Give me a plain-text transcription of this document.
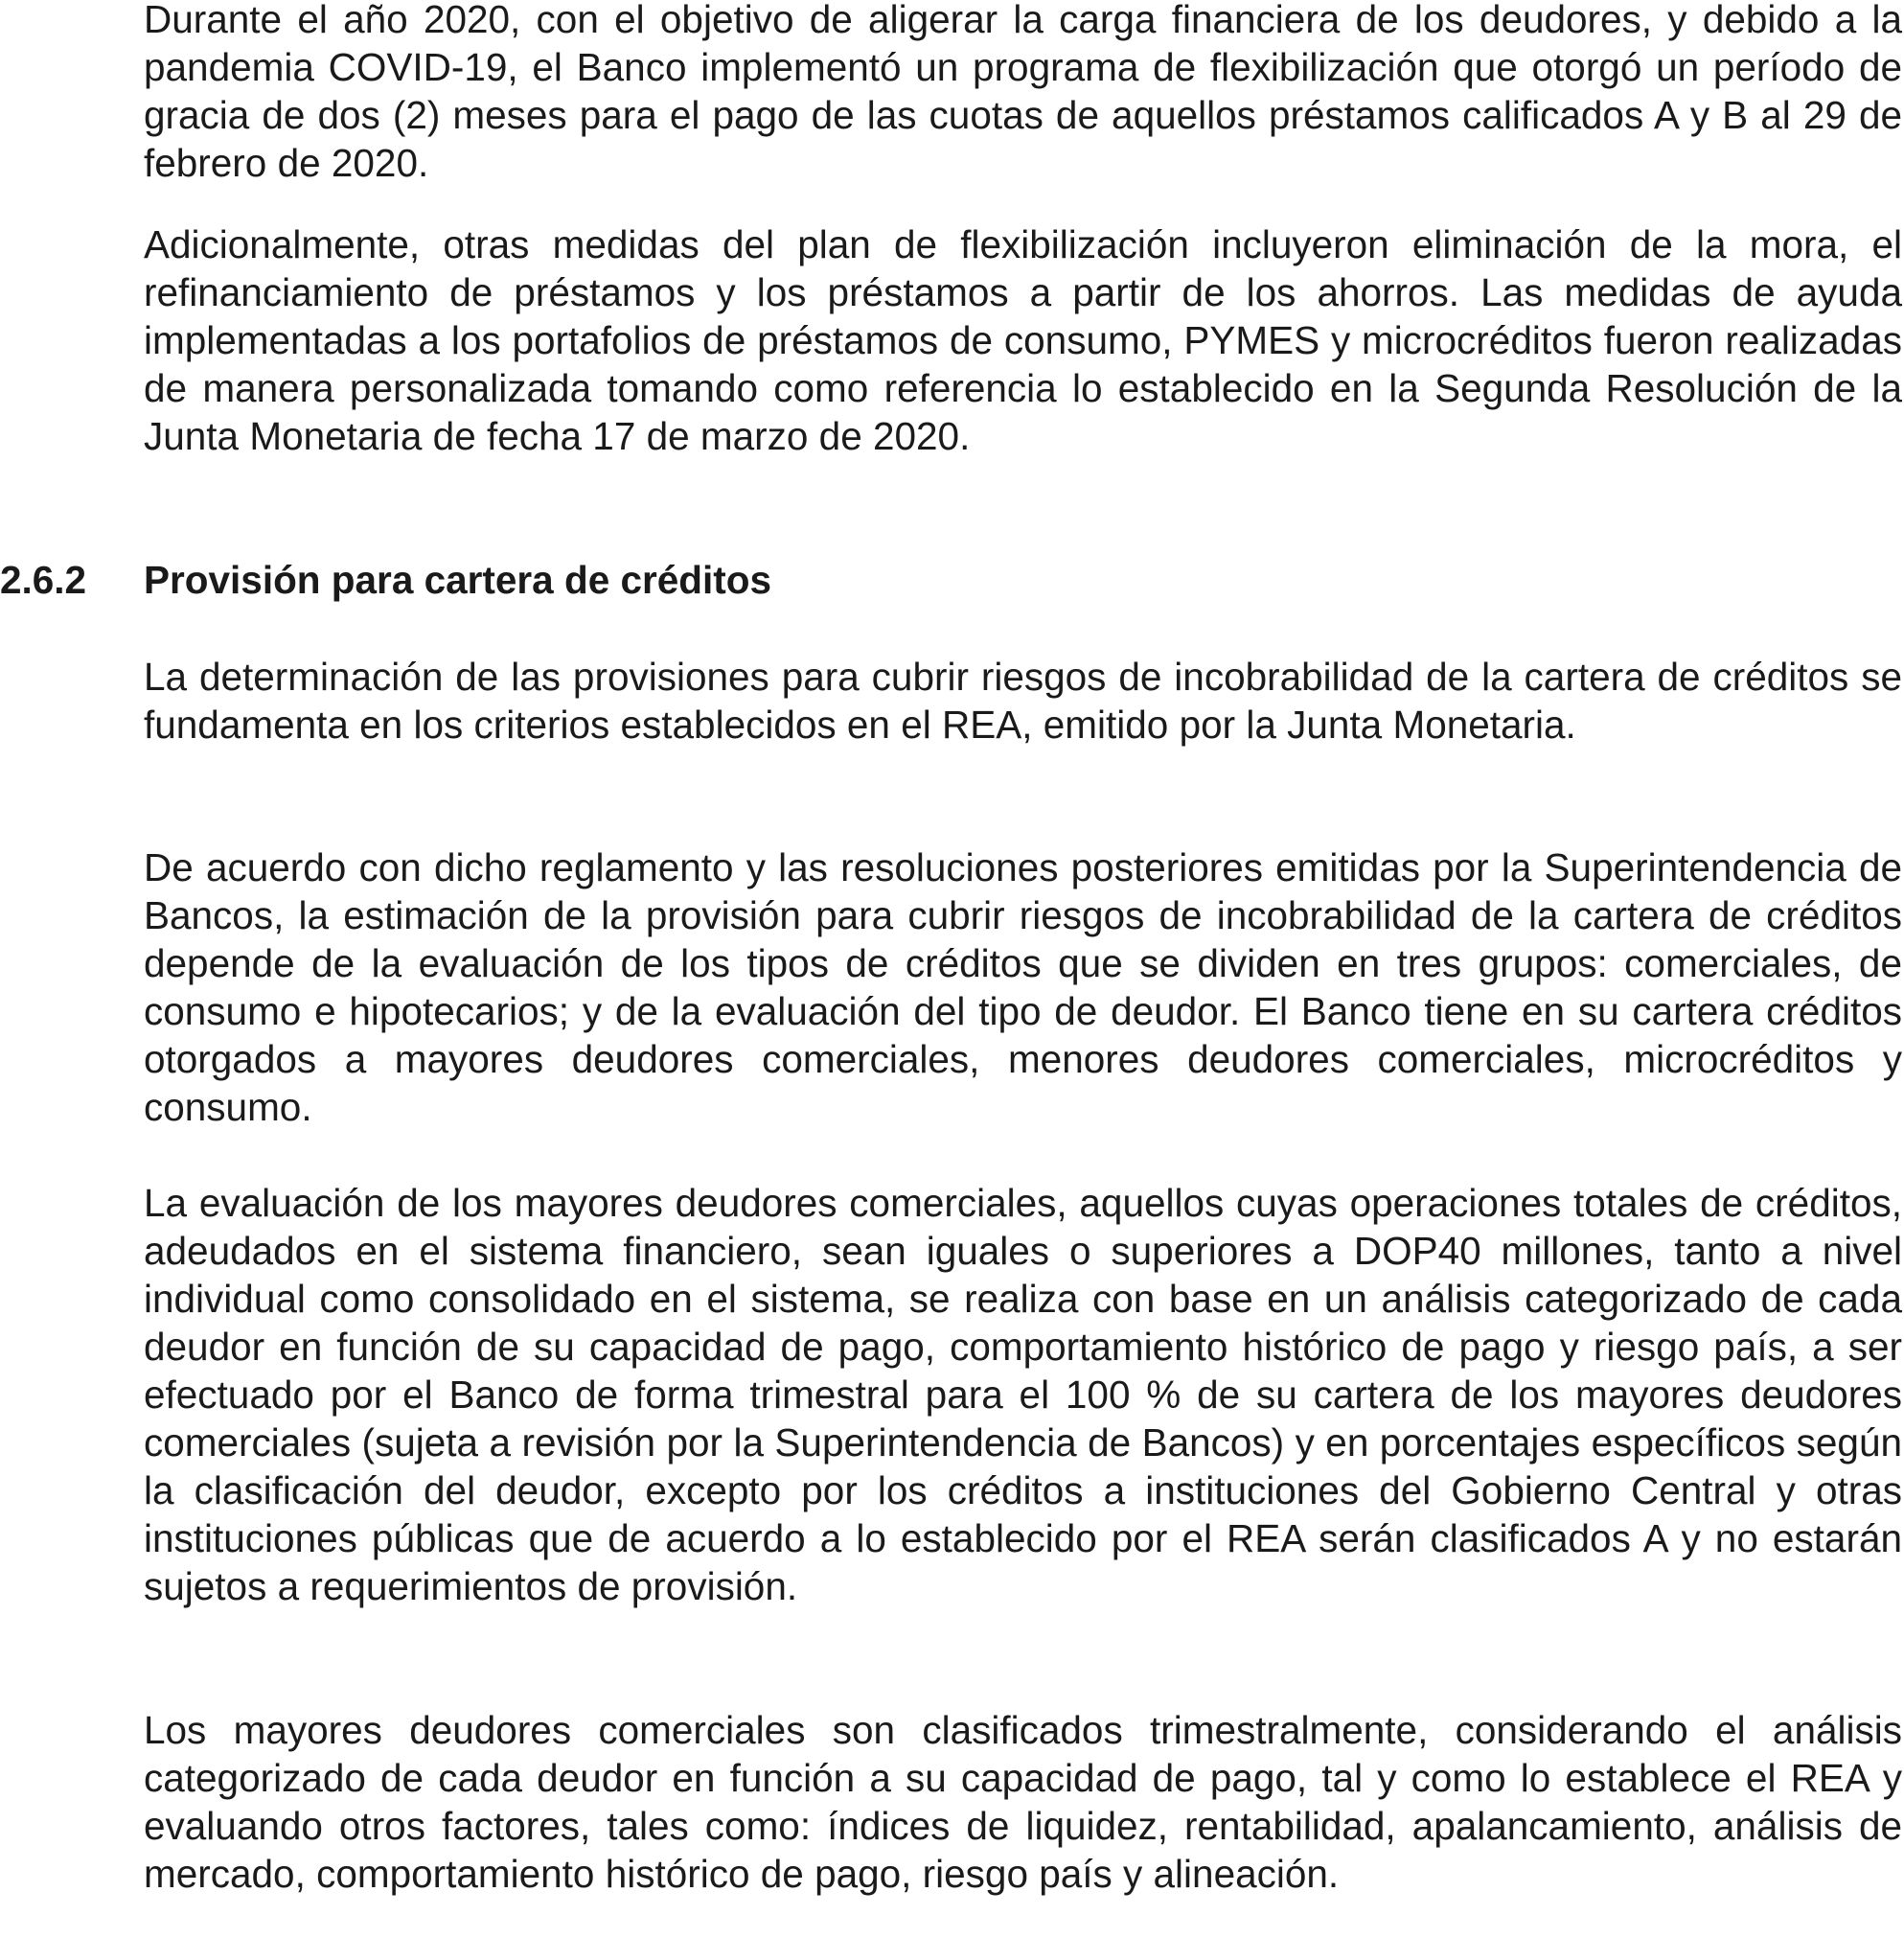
Durante el año 2020, con el objetivo de aligerar la carga financiera de los deudores, y debido a la pandemia COVID-19, el Banco implementó un programa de flexibilización que otorgó un período de gracia de dos (2) meses para el pago de las cuotas de aquellos préstamos calificados A y B al 29 de febrero de 2020.

Adicionalmente, otras medidas del plan de flexibilización incluyeron eliminación de la mora, el refinanciamiento de préstamos y los préstamos a partir de los ahorros. Las medidas de ayuda implementadas a los portafolios de préstamos de consumo, PYMES y microcréditos fueron realizadas de manera personalizada tomando como referencia lo establecido en la Segunda Resolución de la Junta Monetaria de fecha 17 de marzo de 2020.

2.6.2 Provisión para cartera de créditos

La determinación de las provisiones para cubrir riesgos de incobrabilidad de la cartera de créditos se fundamenta en los criterios establecidos en el REA, emitido por la Junta Monetaria.

De acuerdo con dicho reglamento y las resoluciones posteriores emitidas por la Superintendencia de Bancos, la estimación de la provisión para cubrir riesgos de incobrabilidad de la cartera de créditos depende de la evaluación de los tipos de créditos que se dividen en tres grupos: comerciales, de consumo e hipotecarios; y de la evaluación del tipo de deudor. El Banco tiene en su cartera créditos otorgados a mayores deudores comerciales, menores deudores comerciales, microcréditos y consumo.

La evaluación de los mayores deudores comerciales, aquellos cuyas operaciones totales de créditos, adeudados en el sistema financiero, sean iguales o superiores a DOP40 millones, tanto a nivel individual como consolidado en el sistema, se realiza con base en un análisis categorizado de cada deudor en función de su capacidad de pago, comportamiento histórico de pago y riesgo país, a ser efectuado por el Banco de forma trimestral para el 100 % de su cartera de los mayores deudores comerciales (sujeta a revisión por la Superintendencia de Bancos) y en porcentajes específicos según la clasificación del deudor, excepto por los créditos a instituciones del Gobierno Central y otras instituciones públicas que de acuerdo a lo establecido por el REA serán clasificados A y no estarán sujetos a requerimientos de provisión.

Los mayores deudores comerciales son clasificados trimestralmente, considerando el análisis categorizado de cada deudor en función a su capacidad de pago, tal y como lo establece el REA y evaluando otros factores, tales como: índices de liquidez, rentabilidad, apalancamiento, análisis de mercado, comportamiento histórico de pago, riesgo país y alineación.
